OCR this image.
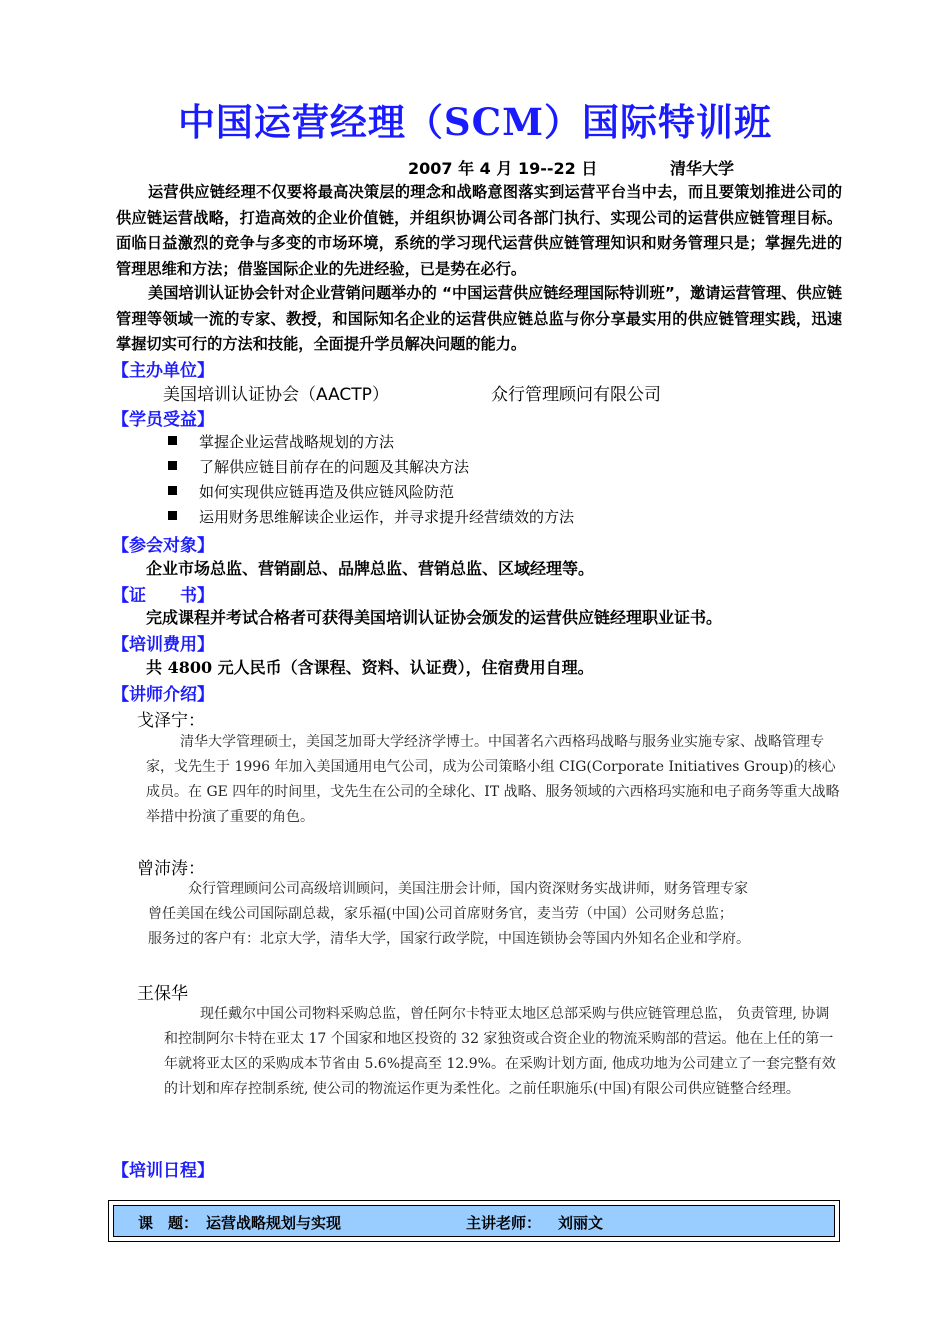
中国运营经理（SCM）国际特训班
2007 年 4 月 19--22 日	清华大学
运营供应链经理不仅要将最高决策层的理念和战略意图落实到运营平台当中去，而且要策划推进公司的供应链运营战略，打造高效的企业价值链，并组织协调公司各部门执行、实现公司的运营供应链管理目标。面临日益激烈的竞争与多变的市场环境，系统的学习现代运营供应链管理知识和财务管理只是；掌握先进的管理思维和方法；借鉴国际企业的先进经验，已是势在必行。
美国培训认证协会针对企业营销问题举办的 “中国运营供应链经理国际特训班”，邀请运营管理、供应链管理等领域一流的专家、教授，和国际知名企业的运营供应链总监与你分享最实用的供应链管理实践，迅速掌握切实可行的方法和技能，全面提升学员解决问题的能力。
【主办单位】
美国培训认证协会（AACTP）	众行管理顾问有限公司
【学员受益】
掌握企业运营战略规划的方法
了解供应链目前存在的问题及其解决方法
如何实现供应链再造及供应链风险防范
运用财务思维解读企业运作，并寻求提升经营绩效的方法
【参会对象】
企业市场总监、营销副总、品牌总监、营销总监、区域经理等。
【证　　书】
完成课程并考试合格者可获得美国培训认证协会颁发的运营供应链经理职业证书。
【培训费用】
共 4800 元人民币（含课程、资料、认证费），住宿费用自理。
【讲师介绍】
戈泽宁：
清华大学管理硕士，美国芝加哥大学经济学博士。中国著名六西格玛战略与服务业实施专家、战略管理专家，戈先生于 1996 年加入美国通用电气公司，成为公司策略小组 CIG(Corporate Initiatives Group)的核心成员。在 GE 四年的时间里，戈先生在公司的全球化、IT 战略、服务领域的六西格玛实施和电子商务等重大战略举措中扮演了重要的角色。
曾沛涛：
众行管理顾问公司高级培训顾问，美国注册会计师，国内资深财务实战讲师，财务管理专家
曾任美国在线公司国际副总裁，家乐福(中国)公司首席财务官，麦当劳（中国）公司财务总监；
服务过的客户有：北京大学，清华大学，国家行政学院，中国连锁协会等国内外知名企业和学府。
王保华
现任戴尔中国公司物料采购总监，曾任阿尔卡特亚太地区总部采购与供应链管理总监， 负责管理, 协调和控制阿尔卡特在亚太 17 个国家和地区投资的 32 家独资或合资企业的物流采购部的营运。他在上任的第一年就将亚太区的采购成本节省由 5.6%提高至 12.9%。在采购计划方面, 他成功地为公司建立了一套完整有效的计划和库存控制系统, 使公司的物流运作更为柔性化。之前任职施乐(中国)有限公司供应链整合经理。
【培训日程】
课　题： 运营战略规划与实现	主讲老师： 刘丽文
